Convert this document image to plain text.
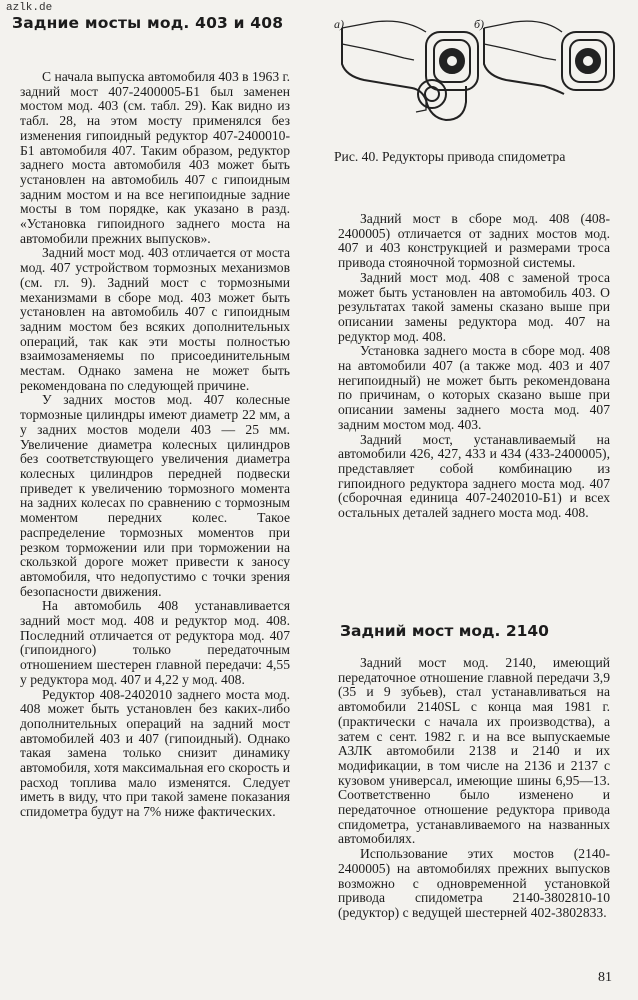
azlk.de
Задние мосты мод. 403 и 408

С начала выпуска автомобиля 403 в 1963 г. задний мост 407-2400005-Б1 был заменен мостом мод. 403 (см. табл. 29). Как видно из табл. 28, на этом мосту применялся без изменения гипоидный редуктор 407-2400010-Б1 автомобиля 407. Таким образом, редуктор заднего моста автомобиля 403 может быть установлен на автомобиль 407 с гипоидным задним мостом и на все негипоидные задние мосты в том порядке, как указано в разд. «Установка гипоидного заднего моста на автомобили прежних выпусков».

Задний мост мод. 403 отличается от моста мод. 407 устройством тормозных механизмов (см. гл. 9). Задний мост с тормозными механизмами в сборе мод. 403 может быть установлен на автомобиль 407 с гипоидным задним мостом без всяких дополнительных операций, так как эти мосты полностью взаимозаменяемы по присоединительным местам. Однако замена не может быть рекомендована по следующей причине.

У задних мостов мод. 407 колесные тормозные цилиндры имеют диаметр 22 мм, а у задних мостов модели 403 — 25 мм. Увеличение диаметра колесных цилиндров без соответствующего увеличения диаметра колесных цилиндров передней подвески приведет к увеличению тормозного момента на задних колесах по сравнению с тормозным моментом передних колес. Такое распределение тормозных моментов при резком торможении или при торможении на скользкой дороге может привести к заносу автомобиля, что недопустимо с точки зрения безопасности движения.

На автомобиль 408 устанавливается задний мост мод. 408 и редуктор мод. 408. Последний отличается от редуктора мод. 407 (гипоидного) только передаточным отношением шестерен главной передачи: 4,55 у редуктора мод. 407 и 4,22 у мод. 408.

Редуктор 408-2402010 заднего моста мод. 408 может быть установлен без каких-либо дополнительных операций на задний мост автомобилей 403 и 407 (гипоидный). Однако такая замена только снизит динамику автомобиля, хотя максимальная его скорость и расход топлива мало изменятся. Следует иметь в виду, что при такой замене показания спидометра будут на 7% ниже фактических.

а)	б)
Рис. 40. Редукторы привода спидометра

Задний мост в сборе мод. 408 (408-2400005) отличается от задних мостов мод. 407 и 403 конструкцией и размерами троса привода стояночной тормозной системы.

Задний мост мод. 408 с заменой троса может быть установлен на автомобиль 403. О результатах такой замены сказано выше при описании замены редуктора мод. 407 на редуктор мод. 408.

Установка заднего моста в сборе мод. 408 на автомобили 407 (а также мод. 403 и 407 негипоидный) не может быть рекомендована по причинам, о которых сказано выше при описании замены заднего моста мод. 407 задним мостом мод. 403.

Задний мост, устанавливаемый на автомобили 426, 427, 433 и 434 (433-2400005), представляет собой комбинацию из гипоидного редуктора заднего моста мод. 407 (сборочная единица 407-2402010-Б1) и всех остальных деталей заднего моста мод. 408.

Задний мост мод. 2140

Задний мост мод. 2140, имеющий передаточное отношение главной передачи 3,9 (35 и 9 зубьев), стал устанавливаться на автомобили 2140SL с конца мая 1981 г. (практически с начала их производства), а затем с сент. 1982 г. и на все выпускаемые АЗЛК автомобили 2138 и 2140 и их модификации, в том числе на 2136 и 2137 с кузовом универсал, имеющие шины 6,95—13. Соответственно было изменено и передаточное отношение редуктора привода спидометра, устанавливаемого на названных автомобилях.

Использование этих мостов (2140-2400005) на автомобилях прежних выпусков возможно с одновременной установкой привода спидометра 2140-3802810-10 (редуктор) с ведущей шестерней 402-3802833.

81
